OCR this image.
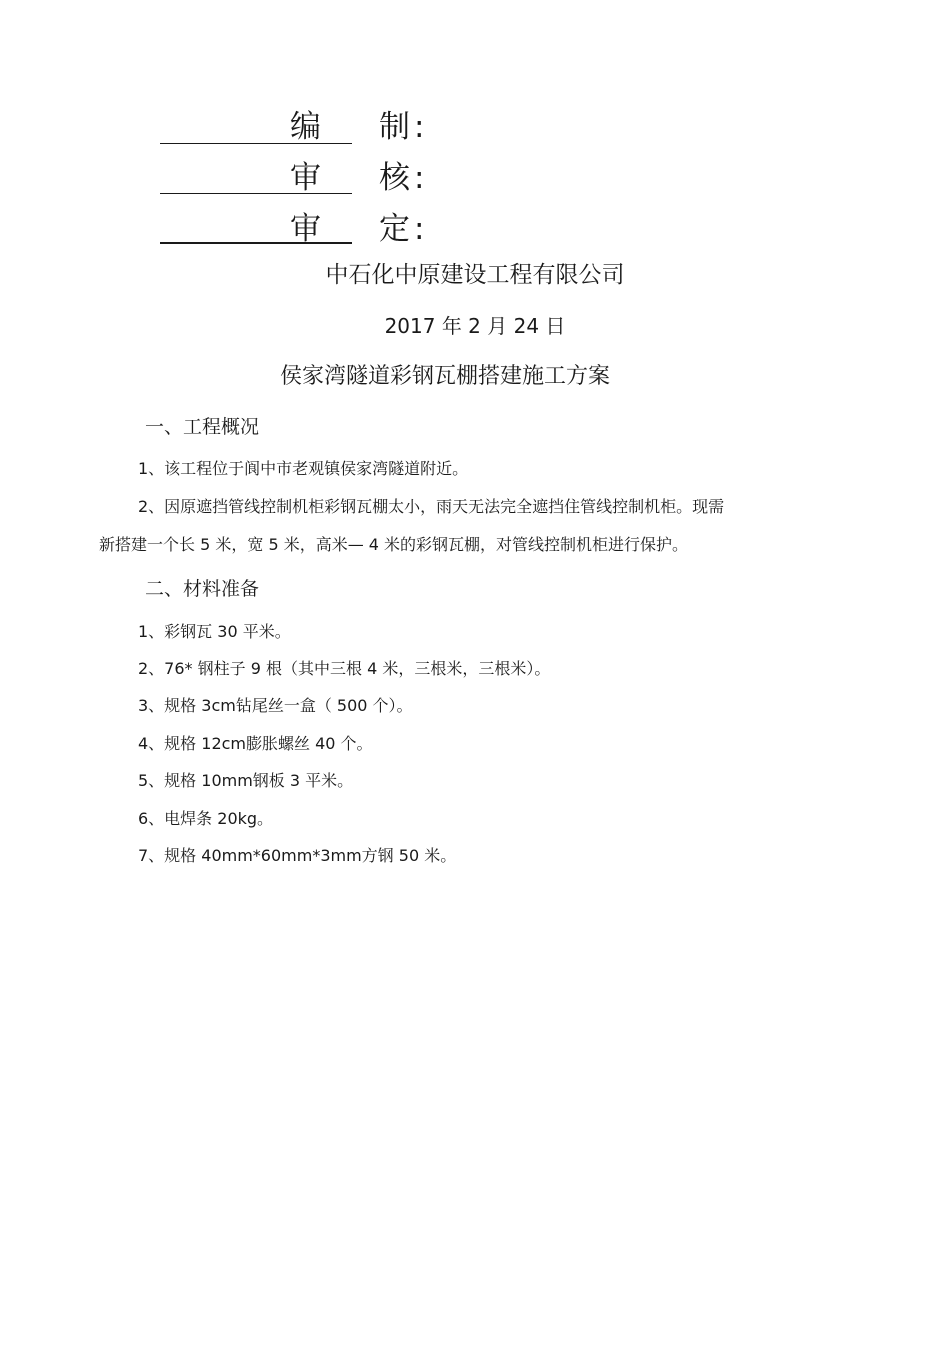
编 制 :
审 核 :
审 定 :
中石化中原建设工程有限公司
2017 年 2 月 24 日
侯家湾隧道彩钢瓦棚搭建施工方案
一、工程概况
1、该工程位于阆中市老观镇侯家湾隧道附近。
2、因原遮挡管线控制机柜彩钢瓦棚太小，雨天无法完全遮挡住管线控制机柜。现需
新搭建一个长 5 米，宽 5 米，高米— 4 米的彩钢瓦棚，对管线控制机柜进行保护。
二、材料准备
1、彩钢瓦 30 平米。
2、76* 钢柱子 9 根（其中三根 4 米，三根米，三根米）。
3、规格 3cm钻尾丝一盒（ 500 个）。
4、规格 12cm膨胀螺丝 40 个。
5、规格 10mm钢板 3 平米。
6、电焊条 20kg。
7、规格 40mm*60mm*3mm方钢 50 米。
